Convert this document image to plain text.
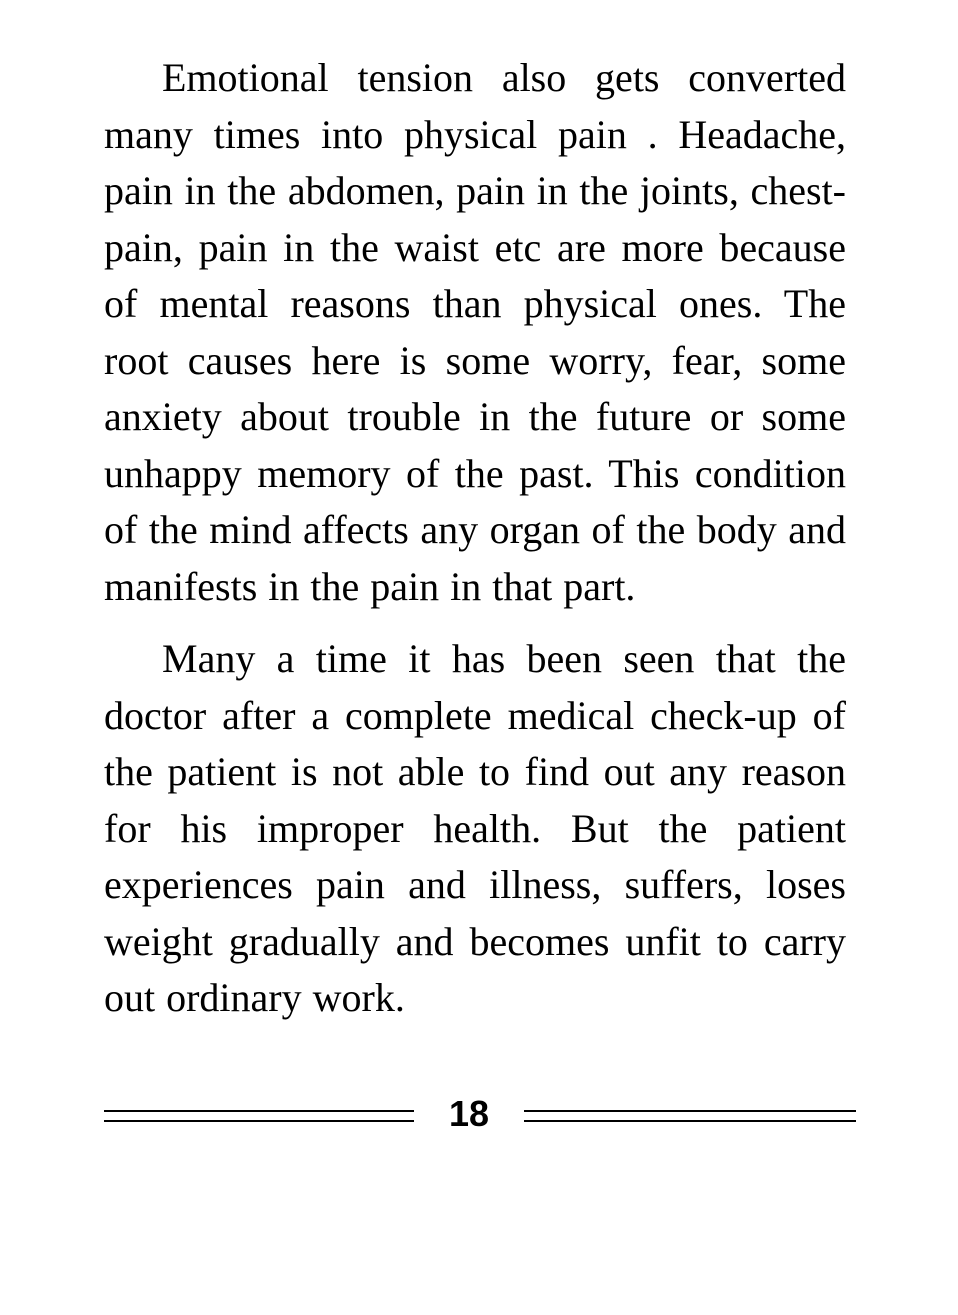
Emotional tension also gets converted many times into physical pain . Headache, pain in the abdomen, pain in the joints, chest-pain, pain in the waist etc are more because of mental reasons than physical ones. The root causes here is some worry, fear, some anxiety about trouble in the future or some unhappy memory of the past. This condition of the mind affects any organ of the body and manifests in the pain in that part.

Many a time it has been seen that the doctor after a complete medical check-up of the patient is not able to find out any reason for his improper health. But the patient experiences pain and illness, suffers, loses weight gradually and becomes unfit to carry out ordinary work.

18
